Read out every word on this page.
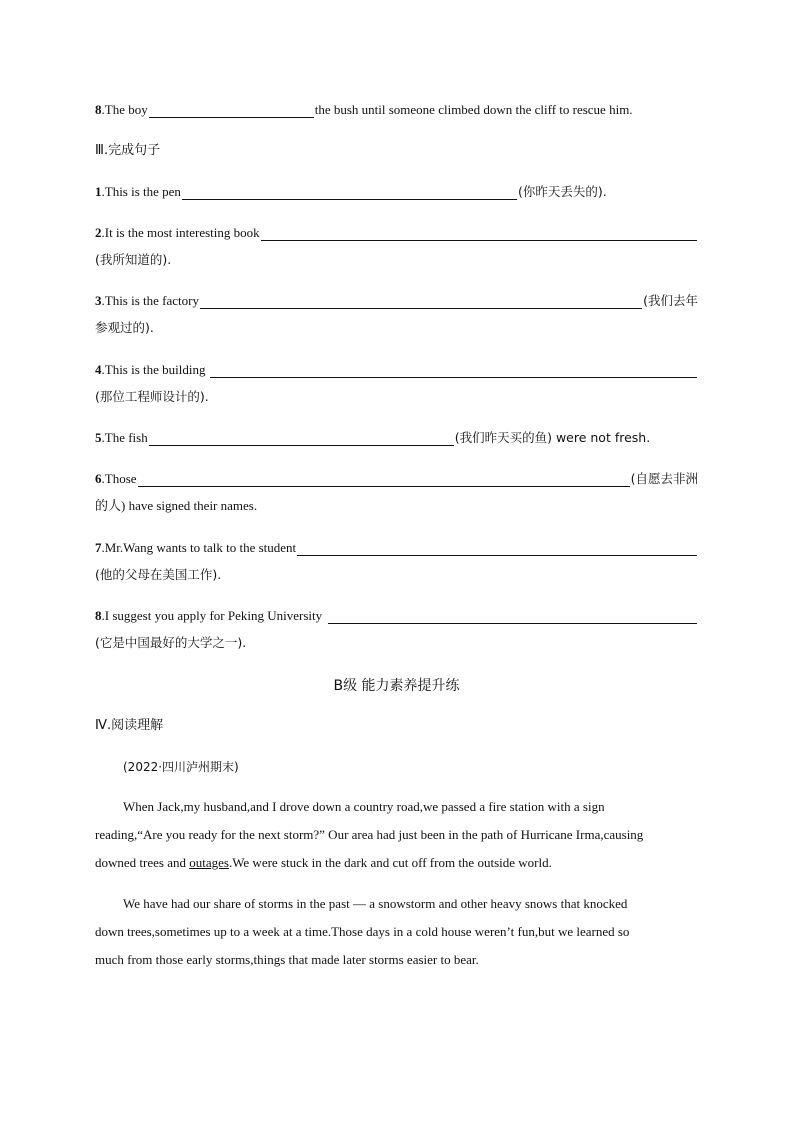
8 .The boy	the bush until someone climbed down the cliff to rescue him.
Ⅲ.完成句子
1 .This is the pen	(你昨天丢失的).
2 .It is the most interesting book
(我所知道的).
3 .This is the factory	(我们去年
参观过的).
4 .This is the building
(那位工程师设计的).
5 .The fish	(我们昨天买的鱼) were not fresh.
6 .Those	(自愿去非洲
的人) have signed their names.
7 .Mr.Wang wants to talk to the student
(他的父母在美国工作).
8 .I suggest you apply for Peking University
(它是中国最好的大学之一).
B级 能力素养提升练
Ⅳ.阅读理解
(2022·四川泸州期末)
When Jack,my husband,and I drove down a country road,we passed a fire station with a sign
reading,“Are you ready for the next storm?” Our area had just been in the path of Hurricane Irma,causing
downed trees and outages.We were stuck in the dark and cut off from the outside world.
We have had our share of storms in the past — a snowstorm and other heavy snows that knocked
down trees,sometimes up to a week at a time.Those days in a cold house weren’t fun,but we learned so
much from those early storms,things that made later storms easier to bear.
